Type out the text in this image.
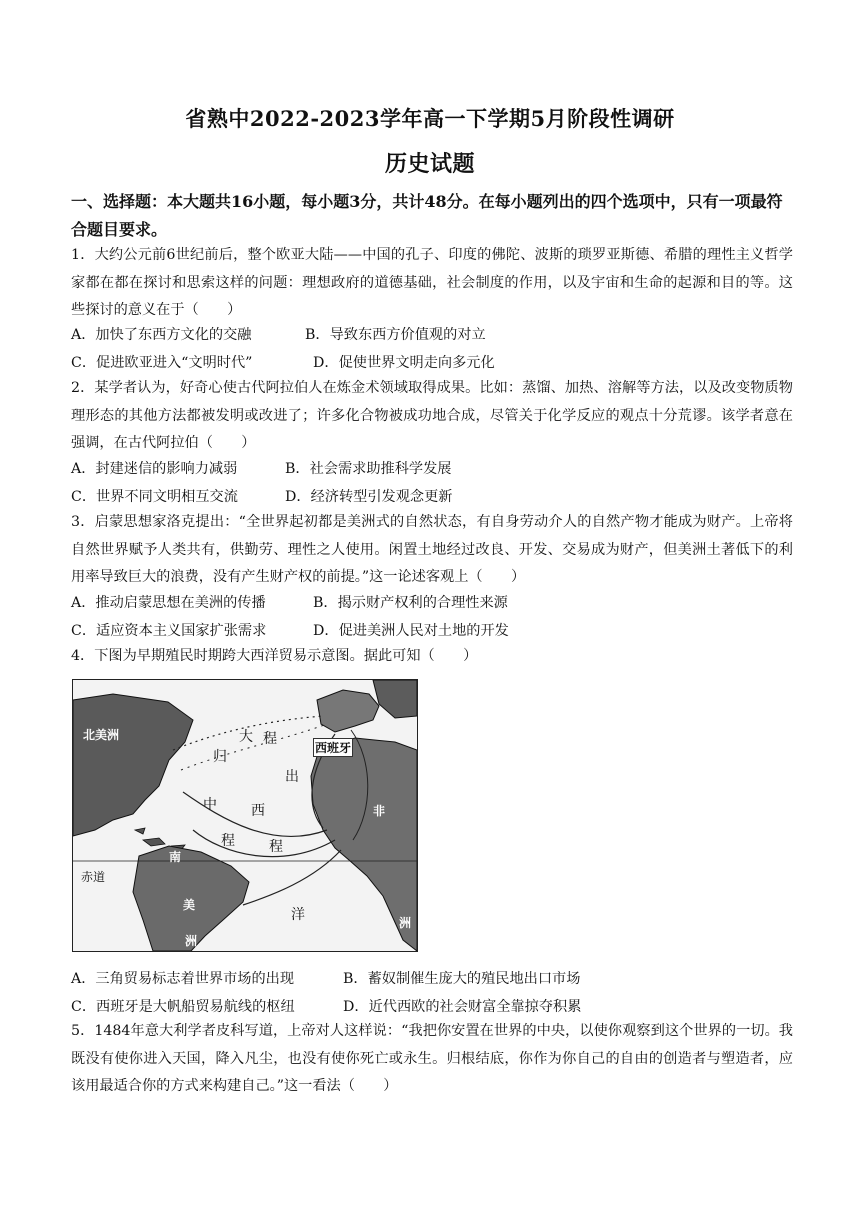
省熟中2022-2023学年高一下学期5月阶段性调研
历史试题
一、选择题：本大题共16小题，每小题3分，共计48分。在每小题列出的四个选项中，只有一项最符合题目要求。
1．大约公元前6世纪前后，整个欧亚大陆——中国的孔子、印度的佛陀、波斯的琐罗亚斯德、希腊的理性主义哲学家都在都在探讨和思索这样的问题：理想政府的道德基础，社会制度的作用，以及宇宙和生命的起源和目的等。这些探讨的意义在于（　　）
A．加快了东西方文化的交融	B．导致东西方价值观的对立
C．促进欧亚进入“文明时代”	D．促使世界文明走向多元化
2．某学者认为，好奇心使古代阿拉伯人在炼金术领域取得成果。比如：蒸馏、加热、溶解等方法，以及改变物质物理形态的其他方法都被发明或改进了；许多化合物被成功地合成，尽管关于化学反应的观点十分荒谬。该学者意在强调，在古代阿拉伯（　　）
A．封建迷信的影响力减弱	B．社会需求助推科学发展
C．世界不同文明相互交流	D．经济转型引发观念更新
3．启蒙思想家洛克提出：“全世界起初都是美洲式的自然状态，有自身劳动介人的自然产物才能成为财产。上帝将自然世界赋予人类共有，供勤劳、理性之人使用。闲置土地经过改良、开发、交易成为财产，但美洲土著低下的利用率导致巨大的浪费，没有产生财产权的前提。”这一论述客观上（　　）
A．推动启蒙思想在美洲的传播	B．揭示财产权利的合理性来源
C．适应资本主义国家扩张需求	D．促进美洲人民对土地的开发
4．下图为早期殖民时期跨大西洋贸易示意图。据此可知（　　）
北美洲
西班牙
大 程
归
出
中 西
程 程
赤道
南
美
洲
非
洋	洲
A．三角贸易标志着世界市场的出现	B．蓄奴制催生庞大的殖民地出口市场
C．西班牙是大帆船贸易航线的枢纽	D．近代西欧的社会财富全靠掠夺积累
5．1484年意大利学者皮科写道，上帝对人这样说：“我把你安置在世界的中央，以使你观察到这个世界的一切。我既没有使你进入天国，降入凡尘，也没有使你死亡或永生。归根结底，你作为你自己的自由的创造者与塑造者，应该用最适合你的方式来构建自己。”这一看法（　　）
